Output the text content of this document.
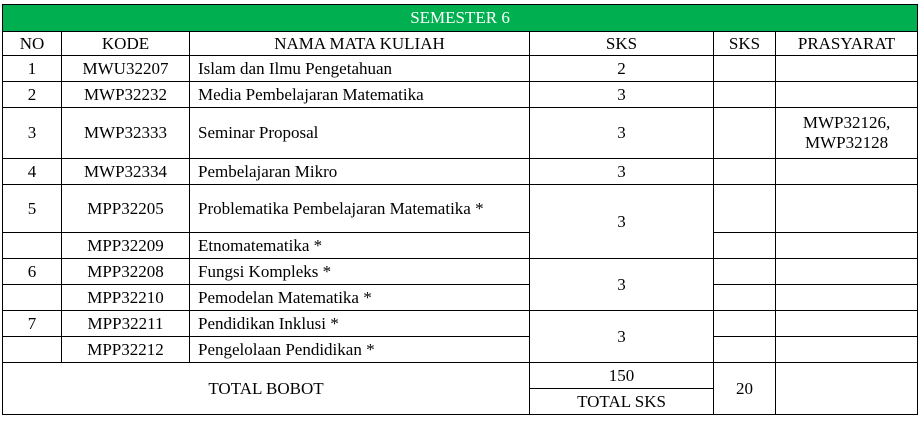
SEMESTER 6					
NO	KODE	NAMA MATA KULIAH	SKS	SKS	PRASYARAT
1	MWU32207	Islam dan Ilmu Pengetahuan	2		
2	MWP32232	Media Pembelajaran Matematika	3		
3	MWP32333	Seminar Proposal	3		MWP32126,
MWP32128

4	MWP32334	Pembelajaran Mikro	3		
5	MPP32205	Problematika Pembelajaran Matematika *	3		
	MPP32209	Etnomatematika *			
6	MPP32208	Fungsi Kompleks *	3		
	MPP32210	Pemodelan Matematika *			
7	MPP32211	Pendidikan Inklusi *	3		
	MPP32212	Pengelolaan Pendidikan *			
TOTAL BOBOT			150	20	
			TOTAL SKS		
